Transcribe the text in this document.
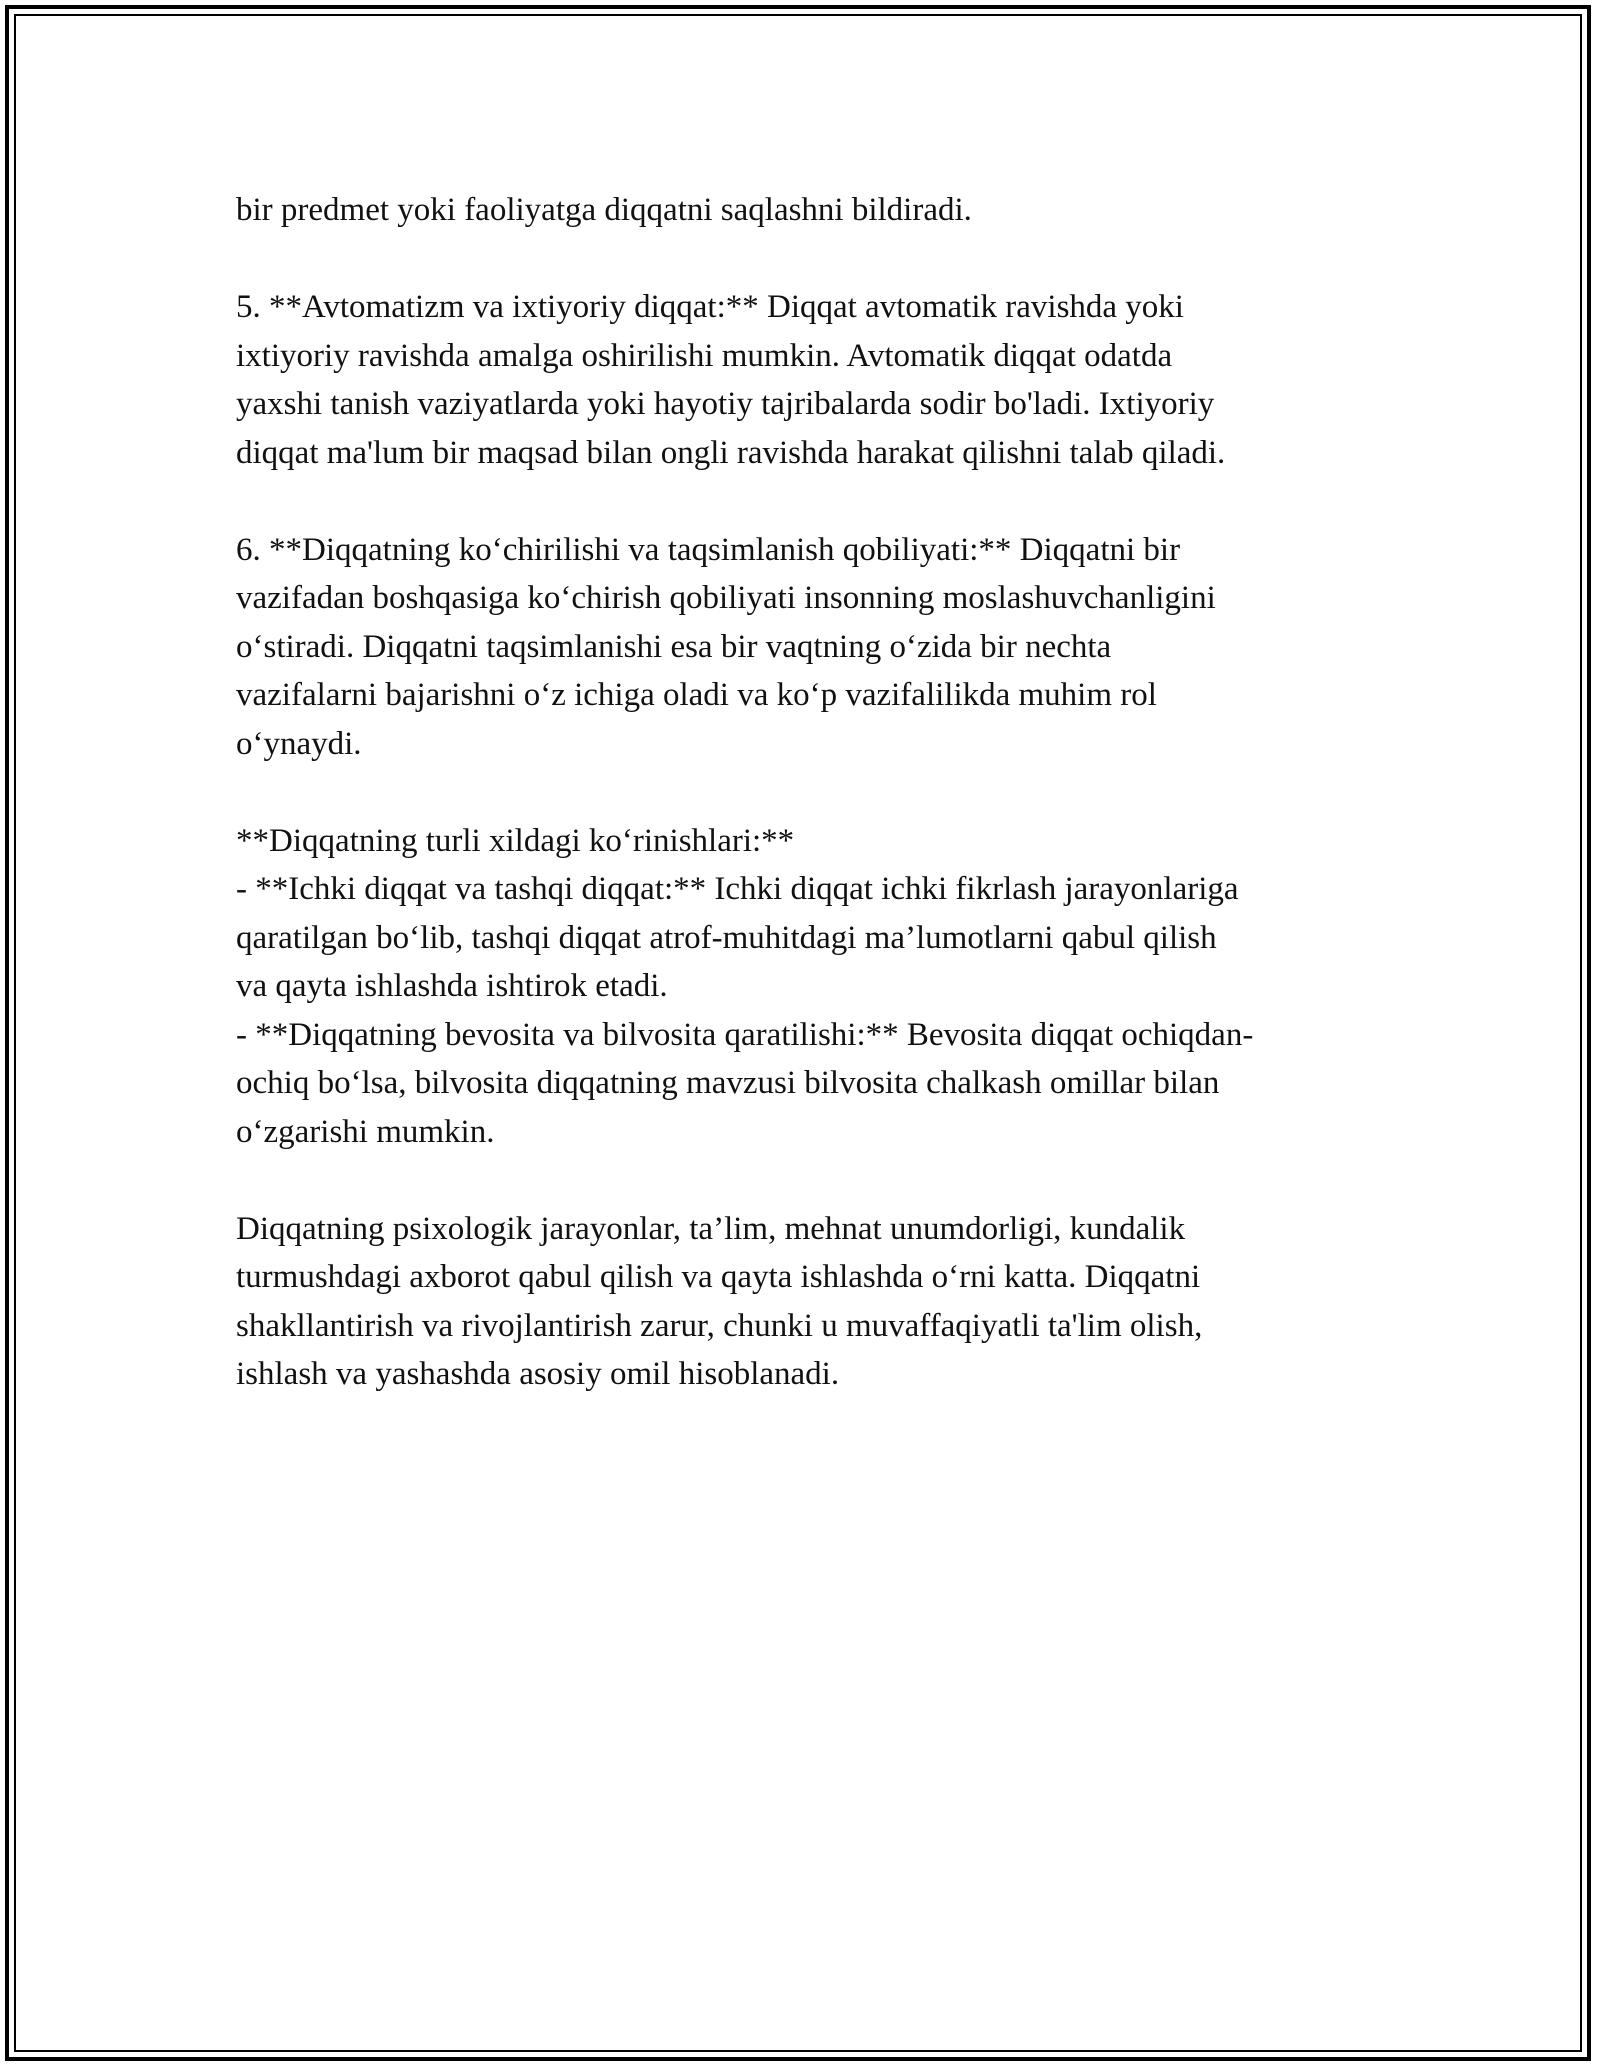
bir predmet yoki faoliyatga diqqatni saqlashni bildiradi.
5. **Avtomatizm va ixtiyoriy diqqat:** Diqqat avtomatik ravishda yoki
ixtiyoriy ravishda amalga oshirilishi mumkin. Avtomatik diqqat odatda
yaxshi tanish vaziyatlarda yoki hayotiy tajribalarda sodir bo'ladi. Ixtiyoriy
diqqat ma'lum bir maqsad bilan ongli ravishda harakat qilishni talab qiladi.
6. **Diqqatning ko‘chirilishi va taqsimlanish qobiliyati:** Diqqatni bir
vazifadan boshqasiga ko‘chirish qobiliyati insonning moslashuvchanligini
o‘stiradi. Diqqatni taqsimlanishi esa bir vaqtning o‘zida bir nechta
vazifalarni bajarishni o‘z ichiga oladi va ko‘p vazifalilikda muhim rol
o‘ynaydi.
**Diqqatning turli xildagi ko‘rinishlari:**
- **Ichki diqqat va tashqi diqqat:** Ichki diqqat ichki fikrlash jarayonlariga
qaratilgan bo‘lib, tashqi diqqat atrof-muhitdagi ma’lumotlarni qabul qilish
va qayta ishlashda ishtirok etadi.
- **Diqqatning bevosita va bilvosita qaratilishi:** Bevosita diqqat ochiqdan-
ochiq bo‘lsa, bilvosita diqqatning mavzusi bilvosita chalkash omillar bilan
o‘zgarishi mumkin.
Diqqatning psixologik jarayonlar, ta’lim, mehnat unumdorligi, kundalik
turmushdagi axborot qabul qilish va qayta ishlashda o‘rni katta. Diqqatni
shakllantirish va rivojlantirish zarur, chunki u muvaffaqiyatli ta'lim olish,
ishlash va yashashda asosiy omil hisoblanadi.
